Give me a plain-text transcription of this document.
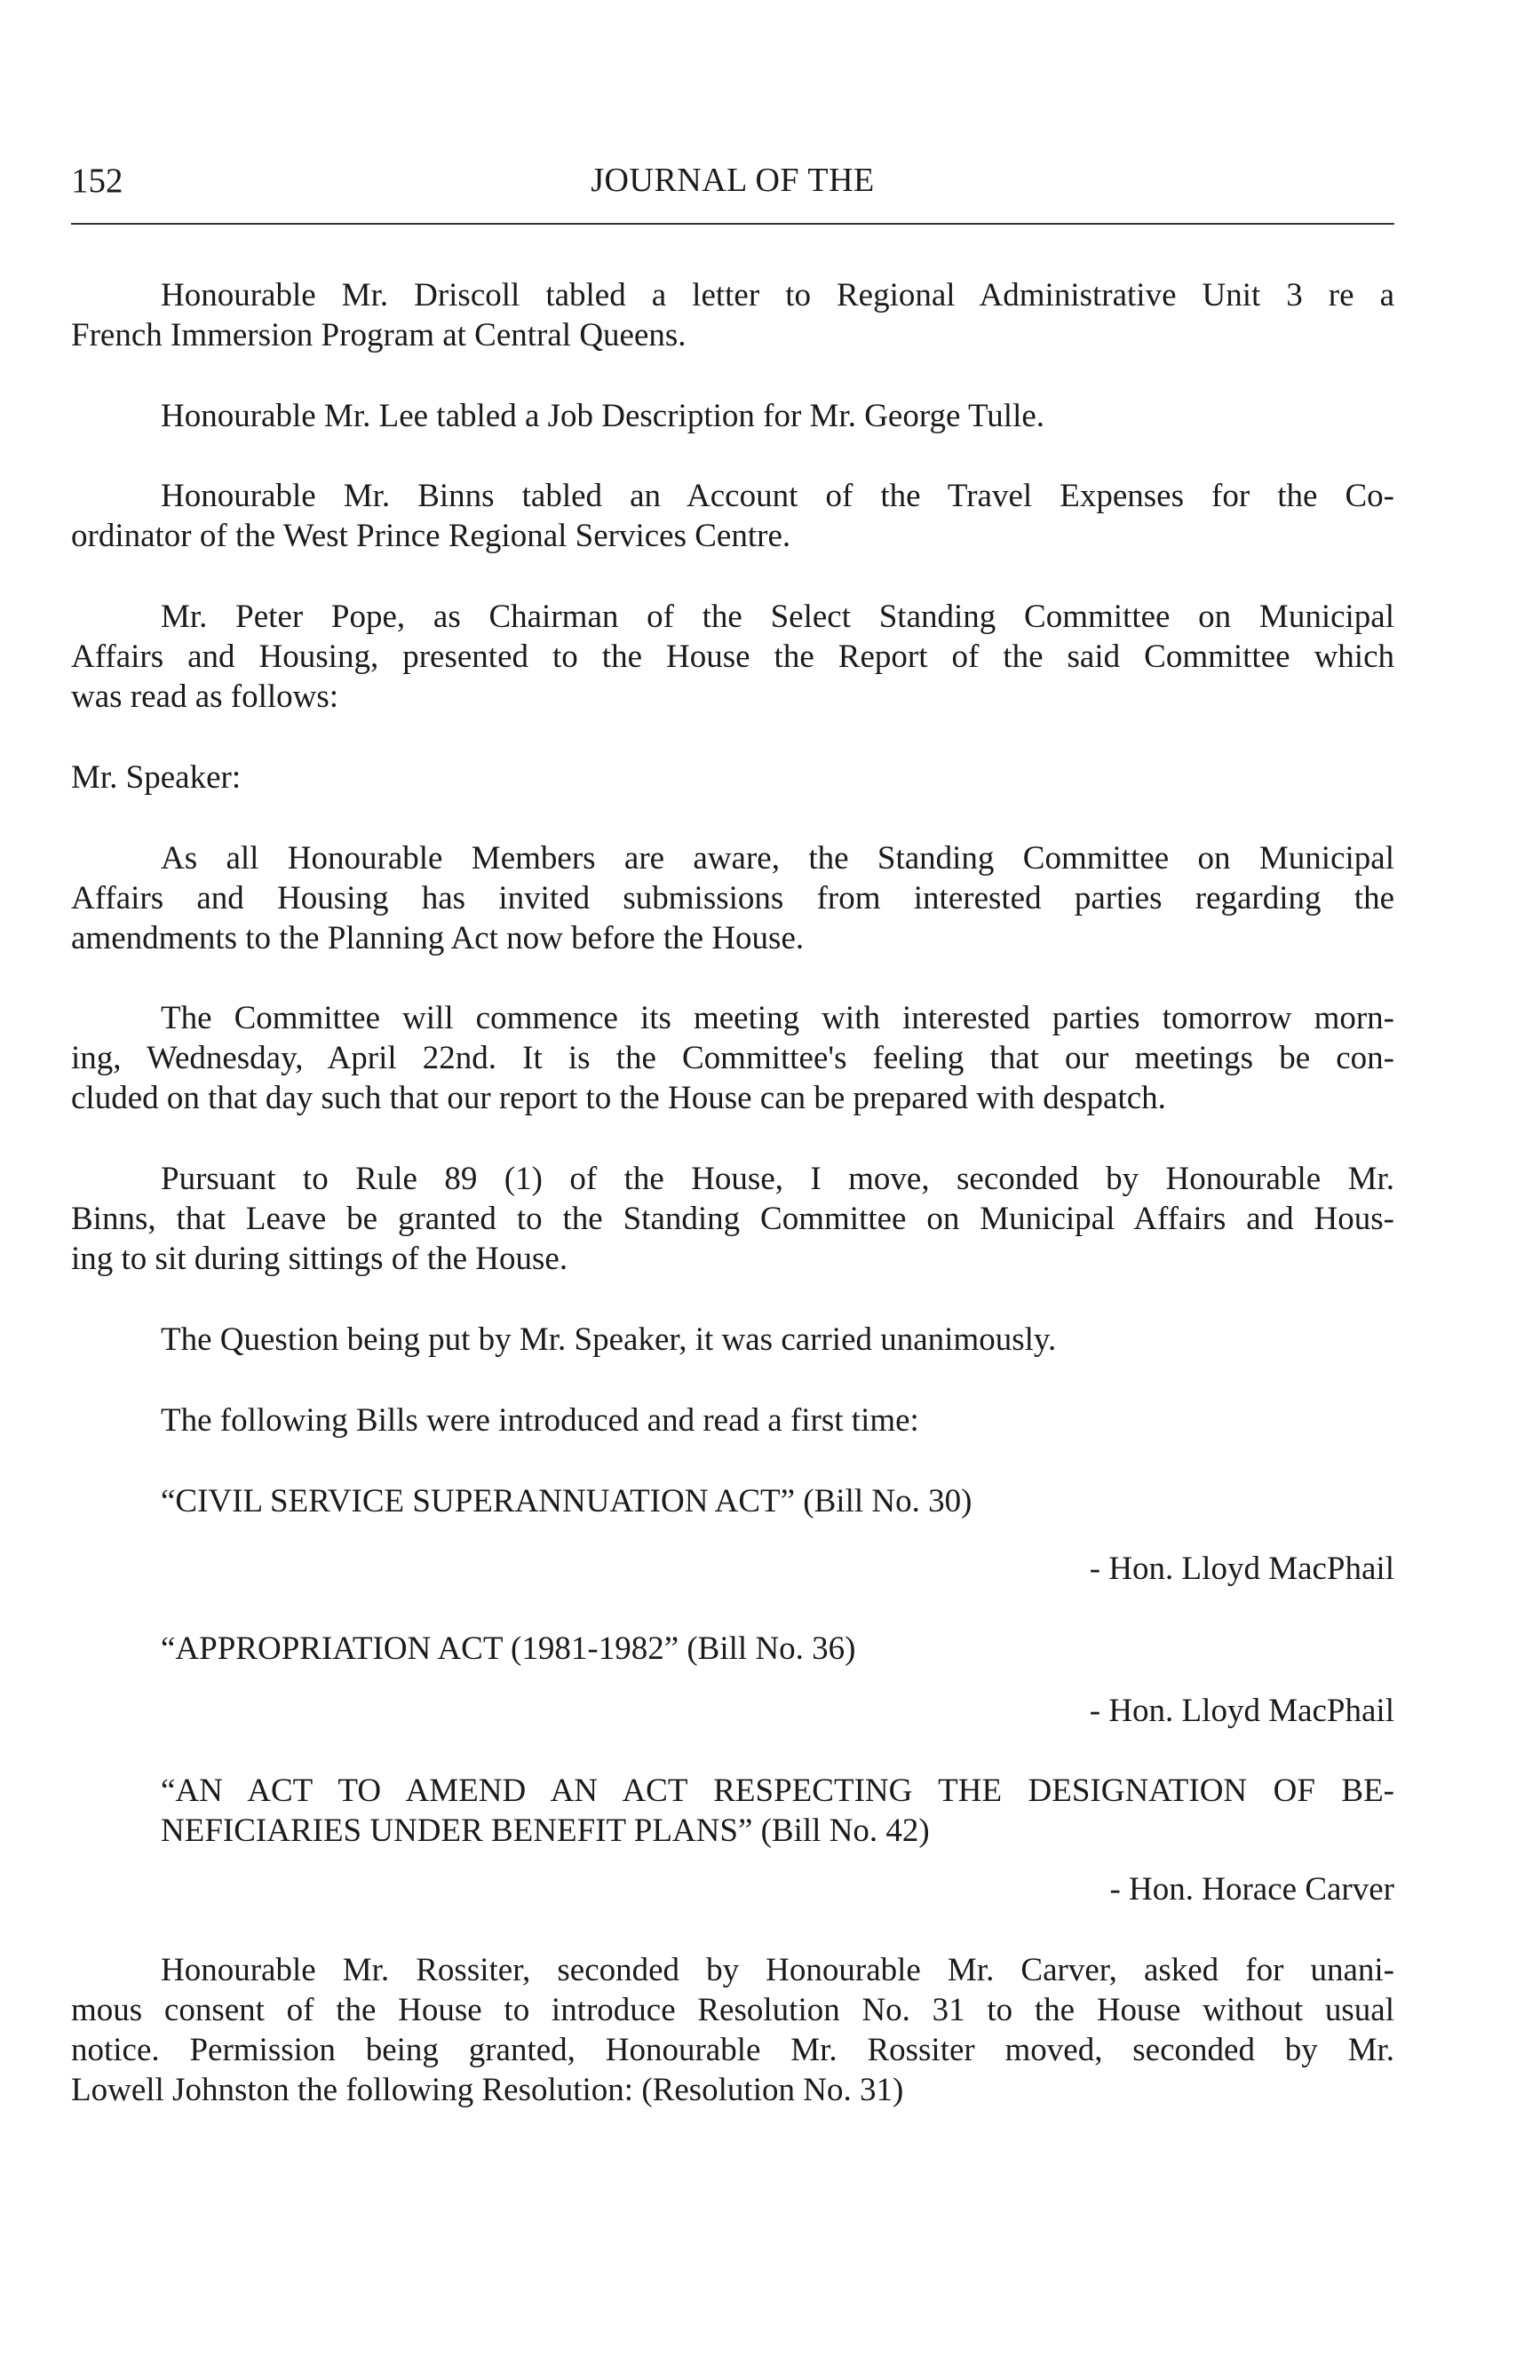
152	JOURNAL OF THE
Honourable Mr. Driscoll tabled a letter to Regional Administrative Unit 3 re a
French Immersion Program at Central Queens.
Honourable Mr. Lee tabled a Job Description for Mr. George Tulle.
Honourable Mr. Binns tabled an Account of the Travel Expenses for the Co-
ordinator of the West Prince Regional Services Centre.
Mr. Peter Pope, as Chairman of the Select Standing Committee on Municipal
Affairs and Housing, presented to the House the Report of the said Committee which
was read as follows:
Mr. Speaker:
As all Honourable Members are aware, the Standing Committee on Municipal
Affairs and Housing has invited submissions from interested parties regarding the
amendments to the Planning Act now before the House.
The Committee will commence its meeting with interested parties tomorrow morn-
ing, Wednesday, April 22nd. It is the Committee's feeling that our meetings be con-
cluded on that day such that our report to the House can be prepared with despatch.
Pursuant to Rule 89 (1) of the House, I move, seconded by Honourable Mr.
Binns, that Leave be granted to the Standing Committee on Municipal Affairs and Hous-
ing to sit during sittings of the House.
The Question being put by Mr. Speaker, it was carried unanimously.
The following Bills were introduced and read a first time:
“CIVIL SERVICE SUPERANNUATION ACT” (Bill No. 30)
- Hon. Lloyd MacPhail
“APPROPRIATION ACT (1981-1982” (Bill No. 36)
- Hon. Lloyd MacPhail
“AN ACT TO AMEND AN ACT RESPECTING THE DESIGNATION OF BE-
NEFICIARIES UNDER BENEFIT PLANS” (Bill No. 42)
- Hon. Horace Carver
Honourable Mr. Rossiter, seconded by Honourable Mr. Carver, asked for unani-
mous consent of the House to introduce Resolution No. 31 to the House without usual
notice. Permission being granted, Honourable Mr. Rossiter moved, seconded by Mr.
Lowell Johnston the following Resolution: (Resolution No. 31)
